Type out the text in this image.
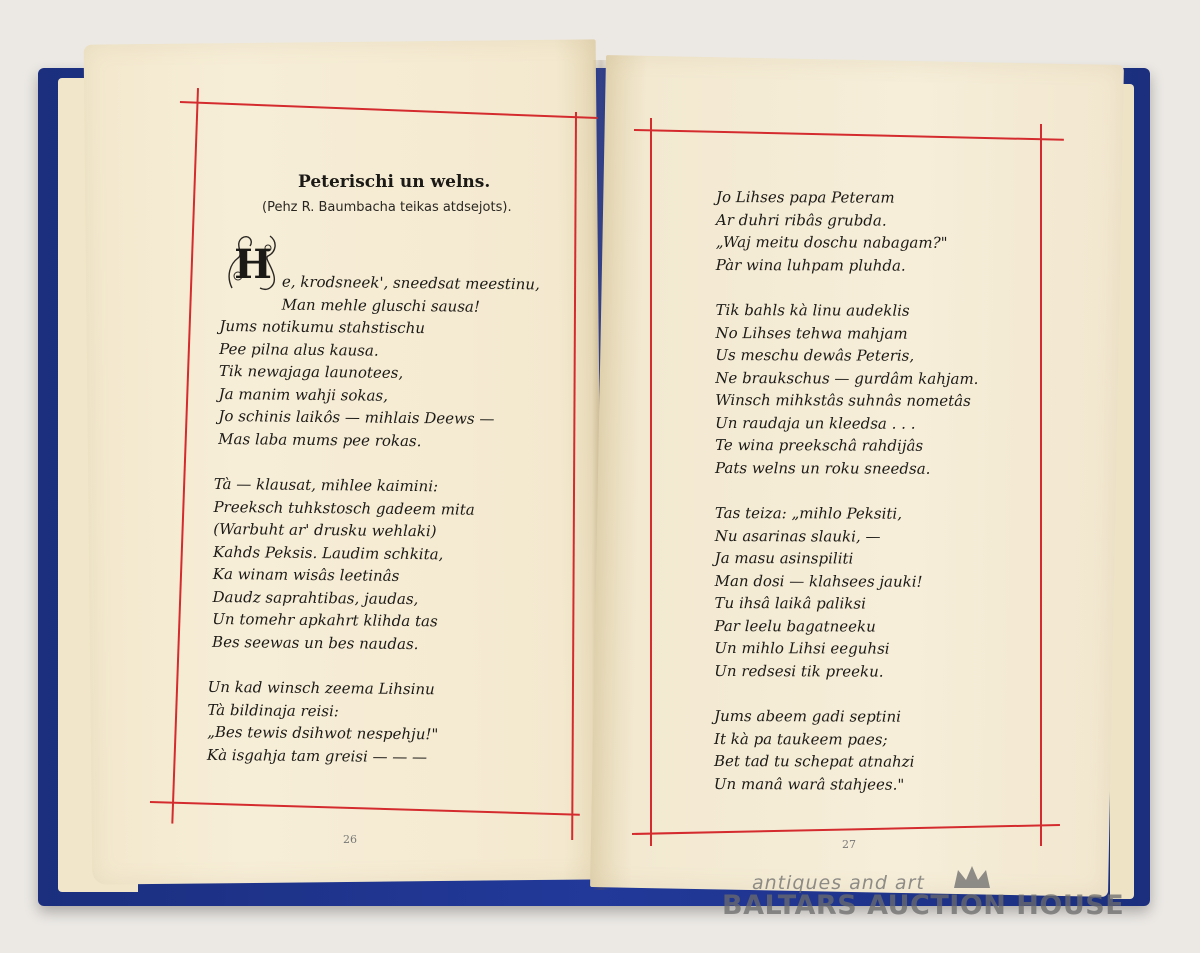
Peterischi un welns.
(Pehz R. Baumbacha teikas atdsejots).
H e, krodsneek', sneedsat meestinu,

Man mehle gluschi sausa!

Jums notikumu stahstischu

Pee pilna alus kausa.

Tik newajaga launotees,

Ja manim wahji sokas,

Jo schinis laikôs — mihlais Deews —

Mas laba mums pee rokas.

Tà — klausat, mihlee kaimini:

Preeksch tuhkstosch gadeem mita

(Warbuht ar' drusku wehlaki)

Kahds Peksis. Laudim schkita,

Ka winam wisâs leetinâs

Daudz saprahtibas, jaudas,

Un tomehr apkahrt klihda tas

Bes seewas un bes naudas.

Un kad winsch zeema Lihsinu

Tà bildinaja reisi:

„Bes tewis dsihwot nespehju!"

Kà isgahja tam greisi — — —

26

Jo Lihses papa Peteram

Ar duhri ribâs grubda.

„Waj meitu doschu nabagam?"

Pàr wina luhpam pluhda.

Tik bahls kà linu audeklis

No Lihses tehwa mahjam

Us meschu dewâs Peteris,

Ne braukschus — gurdâm kahjam.

Winsch mihkstâs suhnâs nometâs

Un raudaja un kleedsa . . .

Te wina preekschâ rahdijâs

Pats welns un roku sneedsa.

Tas teiza: „mihlo Peksiti,

Nu asarinas slauki, —

Ja masu asinspiliti

Man dosi — klahsees jauki!

Tu ihsâ laikâ paliksi

Par leelu bagatneeku

Un mihlo Lihsi eeguhsi

Un redsesi tik preeku.

Jums abeem gadi septini

It kà pa taukeem paes;

Bet tad tu schepat atnahzi

Un manâ warâ stahjees."

27
antiques and art
BALTARS AUCTION HOUSE
